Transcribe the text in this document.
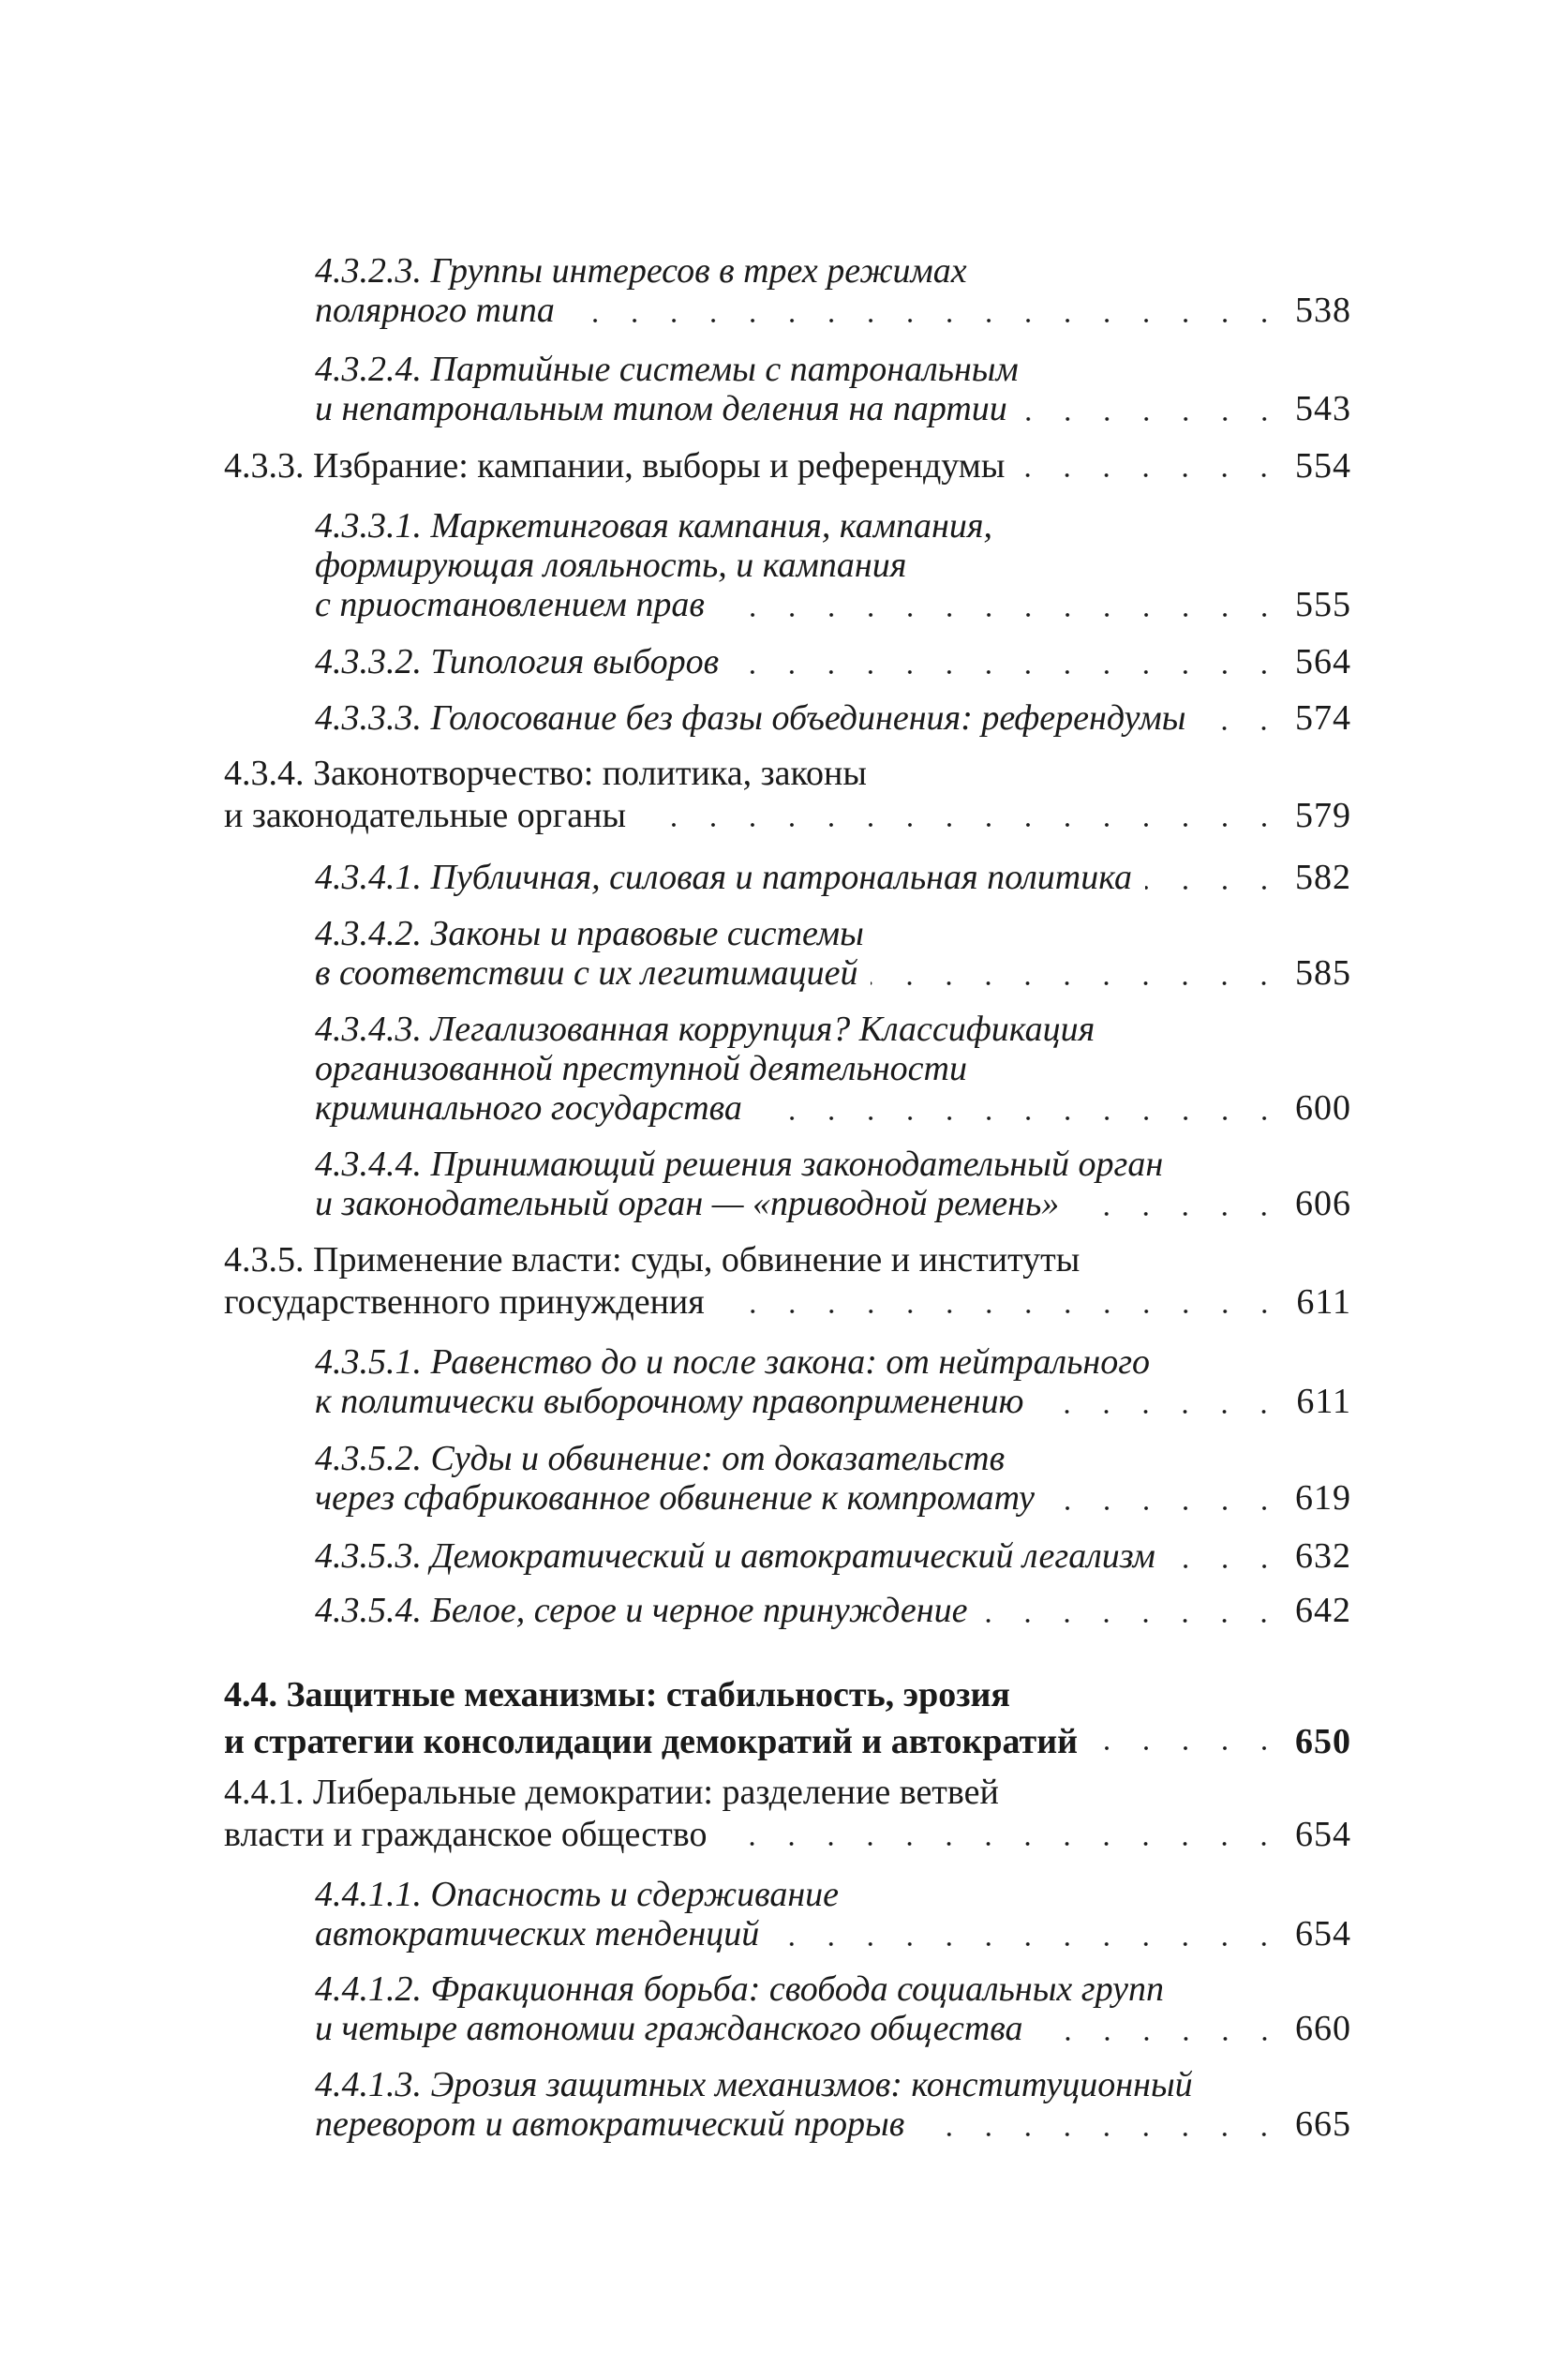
4.3.2.3. Группы интересов в трех режимах
полярного типа	538
4.3.2.4. Партийные системы с патрональным
и непатрональным типом деления на партии	543
4.3.3. Избрание: кампании, выборы и референдумы	554
4.3.3.1. Маркетинговая кампания, кампания,
формирующая лояльность, и кампания
с приостановлением прав	555
4.3.3.2. Типология выборов	564
4.3.3.3. Голосование без фазы объединения: референдумы	574
4.3.4. Законотворчество: политика, законы
и законодательные органы	579
4.3.4.1. Публичная, силовая и патрональная политика	582
4.3.4.2. Законы и правовые системы
в соответствии с их легитимацией	585
4.3.4.3. Легализованная коррупция? Классификация
организованной преступной деятельности
криминального государства	600
4.3.4.4. Принимающий решения законодательный орган
и законодательный орган — «приводной ремень»	606
4.3.5. Применение власти: суды, обвинение и институты
государственного принуждения	611
4.3.5.1. Равенство до и после закона: от нейтрального
к политически выборочному правоприменению	611
4.3.5.2. Суды и обвинение: от доказательств
через сфабрикованное обвинение к компромату	619
4.3.5.3. Демократический и автократический легализм	632
4.3.5.4. Белое, серое и черное принуждение	642
4.4. Защитные механизмы: стабильность, эрозия
и стратегии консолидации демократий и автократий	650
4.4.1. Либеральные демократии: разделение ветвей
власти и гражданское общество	654
4.4.1.1. Опасность и сдерживание
автократических тенденций	654
4.4.1.2. Фракционная борьба: свобода социальных групп
и четыре автономии гражданского общества	660
4.4.1.3. Эрозия защитных механизмов: конституционный
переворот и автократический прорыв	665
